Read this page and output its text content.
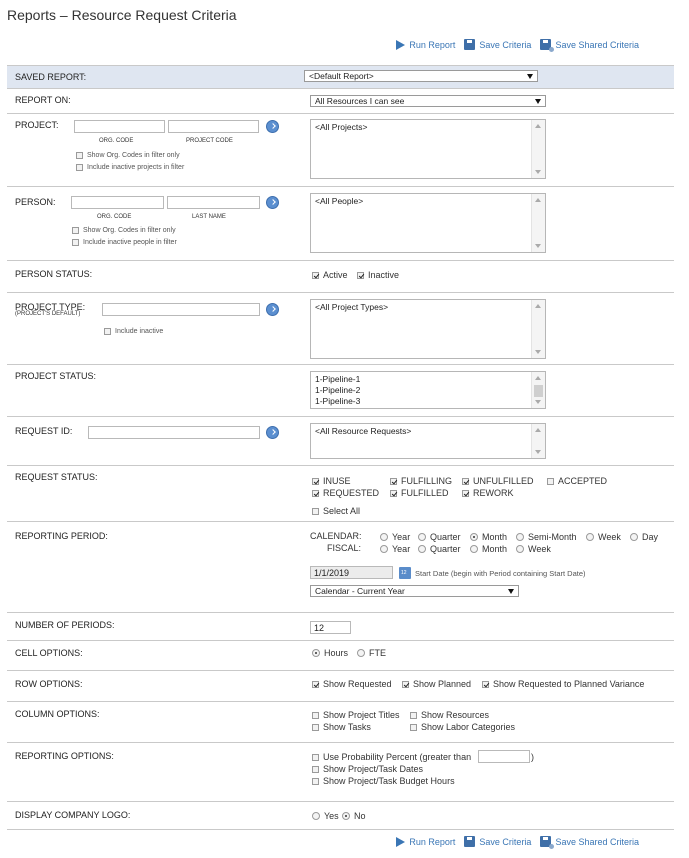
Reports – Resource Request Criteria
Run Report	Save Criteria	Save Shared Criteria
SAVED REPORT:	<Default Report>
REPORT ON:	All Resources I can see
PROJECT:
ORG. CODE	PROJECT CODE
Show Org. Codes in filter only
Include inactive projects in filter
<All Projects>
PERSON:
ORG. CODE	LAST NAME
Show Org. Codes in filter only
Include inactive people in filter
<All People>
PERSON STATUS:	Active Inactive
PROJECT TYPE:
(PROJECT'S DEFAULT)
Include inactive
<All Project Types>
PROJECT STATUS:	1-Pipeline-1
1-Pipeline-2
1-Pipeline-3
REQUEST ID:	<All Resource Requests>
REQUEST STATUS:	INUSE	FULFILLING UNFULFILLED	ACCEPTED
REQUESTED FULFILLED	REWORK
Select All
REPORTING PERIOD:	CALENDAR:
FISCAL:
Year Quarter Month Semi-Month Week Day
Year Quarter Month Week
1/1/2019
12	Start Date (begin with Period containing Start Date)
Calendar - Current Year
NUMBER OF PERIODS:	12
CELL OPTIONS:	Hours FTE
ROW OPTIONS:	Show Requested Show Planned Show Requested to Planned Variance
COLUMN OPTIONS:	Show Project Titles Show Resources
Show Tasks	Show Labor Categories
REPORTING OPTIONS:	Use Probability Percent (greater than	)
Show Project/Task Dates
Show Project/Task Budget Hours
DISPLAY COMPANY LOGO:	Yes No
Run Report	Save Criteria	Save Shared Criteria
